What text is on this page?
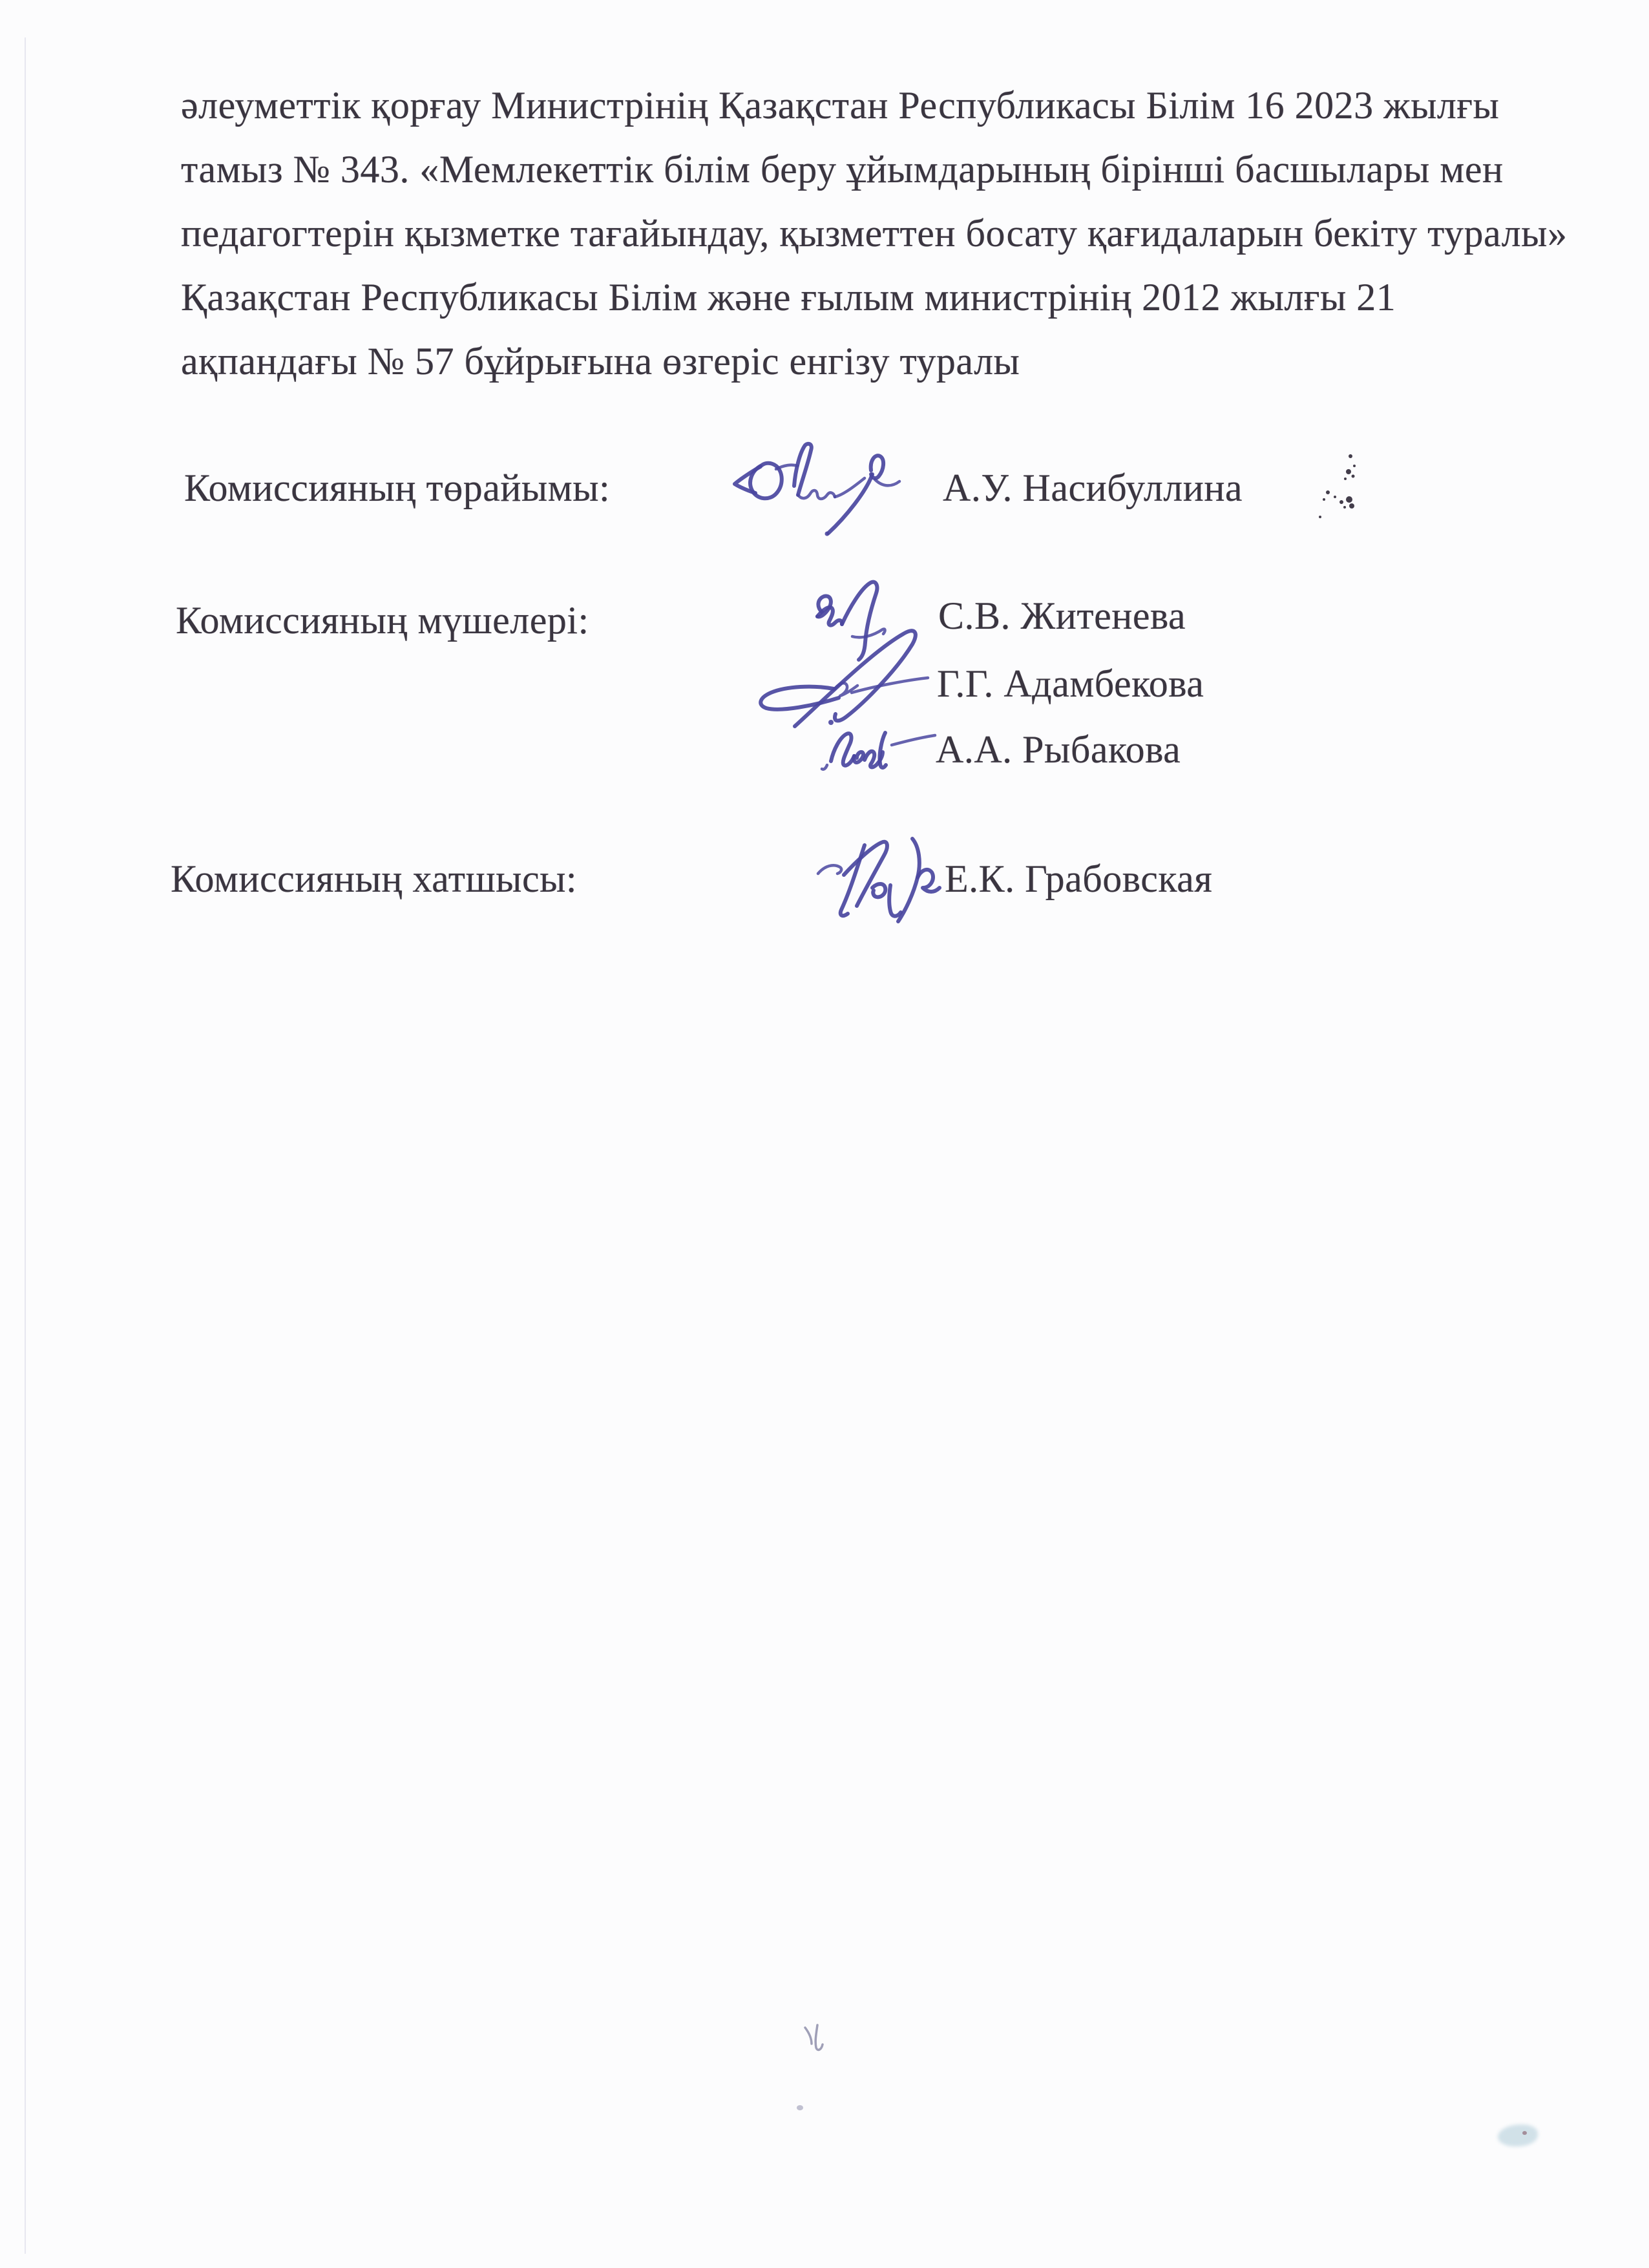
әлеуметтік қорғау Министрінің Қазақстан Республикасы Білім 16 2023 жылғы
тамыз № 343. «Мемлекеттік білім беру ұйымдарының бірінші басшылары мен
педагогтерін қызметке тағайындау, қызметтен босату қағидаларын бекіту туралы»
Қазақстан Республикасы Білім және ғылым министрінің 2012 жылғы 21
ақпандағы № 57 бұйрығына өзгеріс енгізу туралы
Комиссияның төрайымы:	А.У. Насибуллина
Комиссияның мүшелері:	С.В. Житенева
Г.Г. Адамбекова
А.А. Рыбакова
Комиссияның хатшысы:	Е.К. Грабовская
